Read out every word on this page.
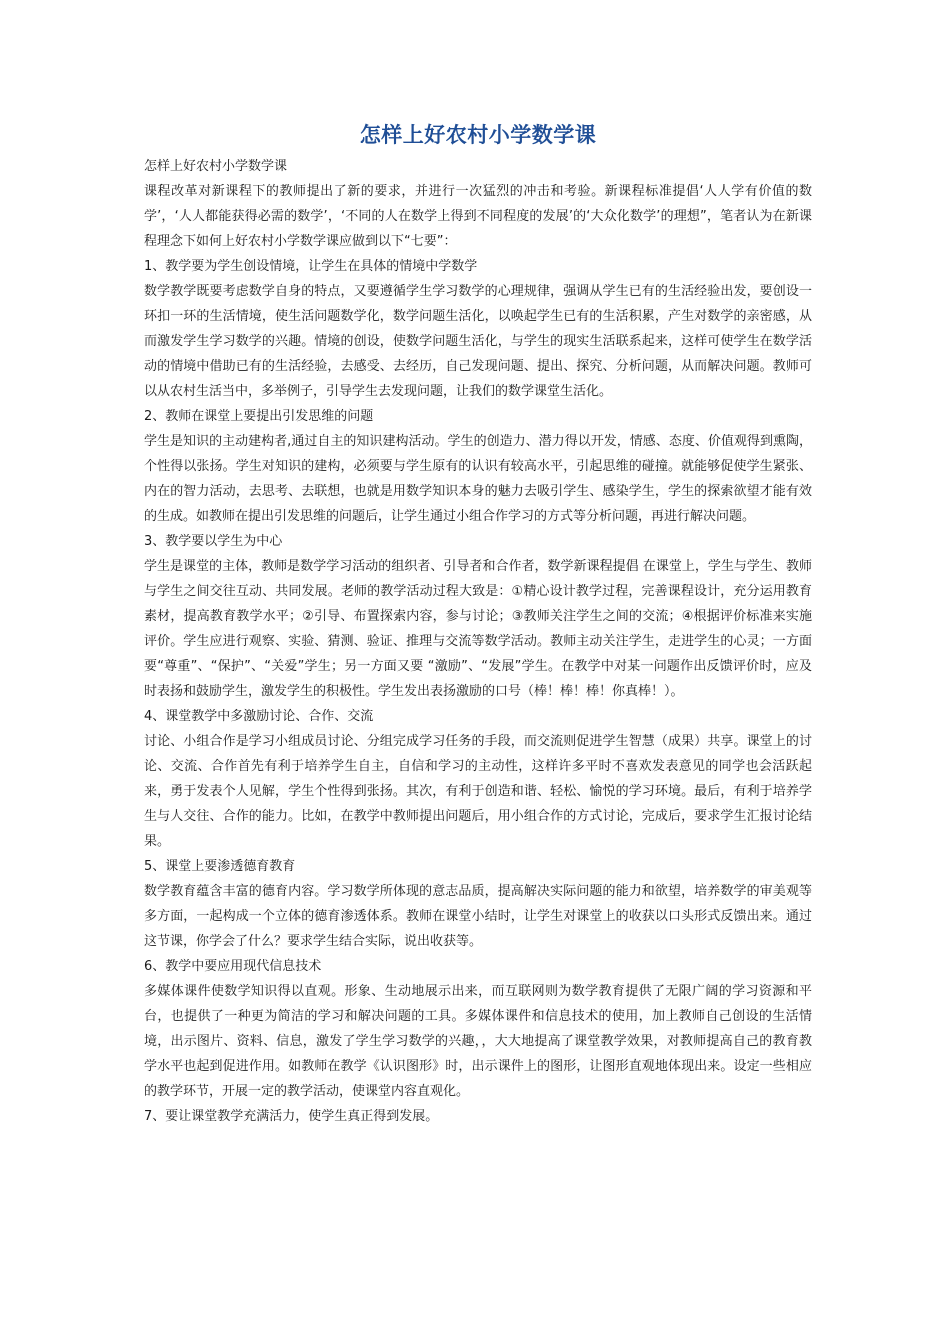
怎样上好农村小学数学课

怎样上好农村小学数学课

课程改革对新课程下的教师提出了新的要求，并进行一次猛烈的冲击和考验。新课程标准提倡‘人人学有价值的数学’，‘人人都能获得必需的数学’，‘不同的人在数学上得到不同程度的发展’的‘大众化数学’的理想”，笔者认为在新课程理念下如何上好农村小学数学课应做到以下“七要”：

1、教学要为学生创设情境，让学生在具体的情境中学数学

数学教学既要考虑数学自身的特点，又要遵循学生学习数学的心理规律，强调从学生已有的生活经验出发，要创设一环扣一环的生活情境，使生活问题数学化，数学问题生活化，以唤起学生已有的生活积累，产生对数学的亲密感，从而激发学生学习数学的兴趣。情境的创设，使数学问题生活化，与学生的现实生活联系起来，这样可使学生在数学活动的情境中借助已有的生活经验，去感受、去经历，自己发现问题、提出、探究、分析问题，从而解决问题。教师可以从农村生活当中，多举例子，引导学生去发现问题，让我们的数学课堂生活化。

2、教师在课堂上要提出引发思维的问题

学生是知识的主动建构者,通过自主的知识建构活动。学生的创造力、潜力得以开发，情感、态度、价值观得到熏陶，个性得以张扬。学生对知识的建构，必须要与学生原有的认识有较高水平，引起思维的碰撞。就能够促使学生紧张、内在的智力活动，去思考、去联想，也就是用数学知识本身的魅力去吸引学生、感染学生，学生的探索欲望才能有效的生成。如教师在提出引发思维的问题后，让学生通过小组合作学习的方式等分析问题，再进行解决问题。

3、教学要以学生为中心

学生是课堂的主体，教师是数学学习活动的组织者、引导者和合作者，数学新课程提倡 在课堂上，学生与学生、教师与学生之间交往互动、共同发展。老师的教学活动过程大致是：①精心设计教学过程，完善课程设计，充分运用教育素材，提高教育教学水平；②引导、布置探索内容，参与讨论；③教师关注学生之间的交流；④根据评价标准来实施评价。学生应进行观察、实验、猜测、验证、推理与交流等数学活动。教师主动关注学生，走进学生的心灵；一方面要“尊重”、“保护”、“关爱”学生；另一方面又要 “激励”、“发展”学生。在教学中对某一问题作出反馈评价时，应及时表扬和鼓励学生，激发学生的积极性。学生发出表扬激励的口号（棒！棒！棒！你真棒！）。

4、课堂教学中多激励讨论、合作、交流

讨论、小组合作是学习小组成员讨论、分组完成学习任务的手段，而交流则促进学生智慧（成果）共享。课堂上的讨论、交流、合作首先有利于培养学生自主，自信和学习的主动性，这样许多平时不喜欢发表意见的同学也会活跃起来，勇于发表个人见解，学生个性得到张扬。其次，有利于创造和谐、轻松、愉悦的学习环境。最后，有利于培养学生与人交往、合作的能力。比如，在教学中教师提出问题后，用小组合作的方式讨论，完成后，要求学生汇报讨论结果。

5、课堂上要渗透德育教育

数学教育蕴含丰富的德育内容。学习数学所体现的意志品质，提高解决实际问题的能力和欲望，培养数学的审美观等多方面，一起构成一个立体的德育渗透体系。教师在课堂小结时，让学生对课堂上的收获以口头形式反馈出来。通过这节课，你学会了什么？要求学生结合实际，说出收获等。

6、教学中要应用现代信息技术

多媒体课件使数学知识得以直观。形象、生动地展示出来，而互联网则为数学教育提供了无限广阔的学习资源和平台，也提供了一种更为简洁的学习和解决问题的工具。多媒体课件和信息技术的使用，加上教师自己创设的生活情境，出示图片、资料、信息，激发了学生学习数学的兴趣，，大大地提高了课堂教学效果，对教师提高自己的教育教学水平也起到促进作用。如教师在教学《认识图形》时，出示课件上的图形，让图形直观地体现出来。设定一些相应的教学环节，开展一定的教学活动，使课堂内容直观化。

7、要让课堂教学充满活力，使学生真正得到发展。
